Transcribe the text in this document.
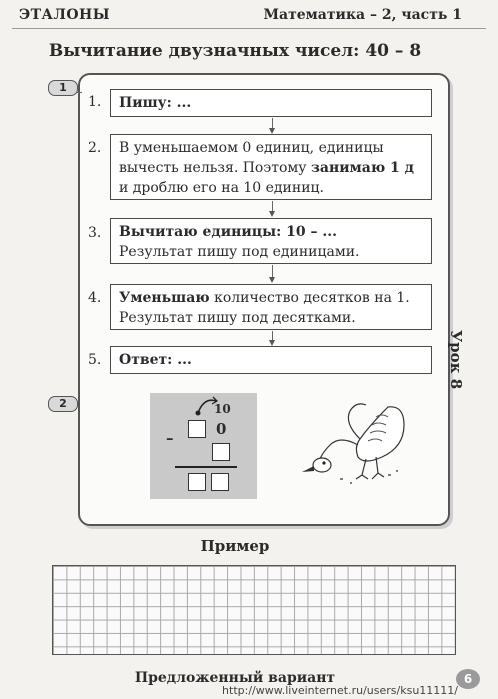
ЭТАЛОНЫ	Математика – 2, часть 1
Вычитание двузначных чисел: 40 – 8
1
2
1.	Пишу: ...
2. В уменьшаемом 0 единиц, единицы
вычесть нельзя. Поэтому занимаю 1 д
и дроблю его на 10 единиц.
3. Вычитаю единицы: 10 – ...
Результат пишу под единицами.
4. Уменьшаю количество десятков на 1.
Результат пишу под десятками.
5.	Ответ: ...
10
0
–
Урок 8
Пример
Предложенный вариант
http://www.liveinternet.ru/users/ksu11111/
6
